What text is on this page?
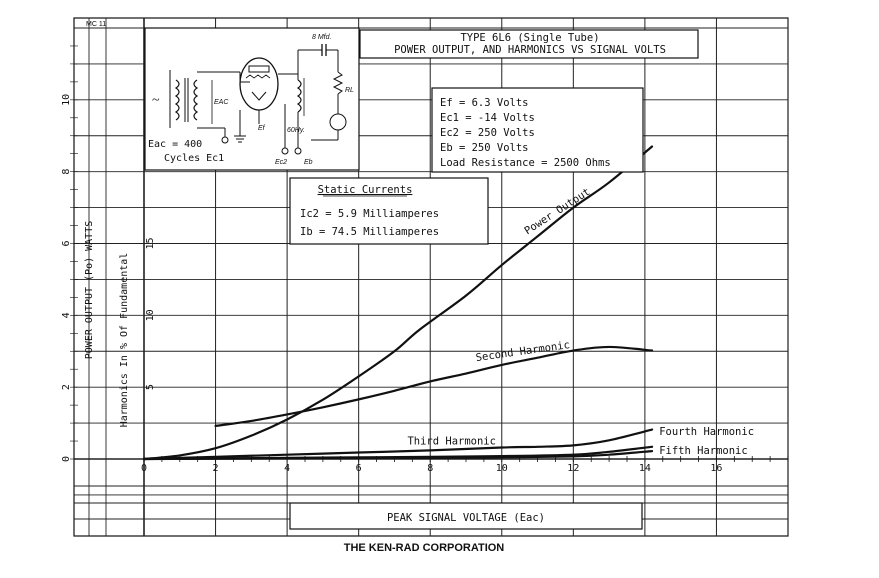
0	2	4	6	8	10	12	14	16
0
2
4
6
8
10
5
10
15
Power Output
Second Harmonic
Third Harmonic
Fourth Harmonic
Fifth Harmonic
MC 11
TYPE 6L6 (Single Tube)
POWER OUTPUT, AND HARMONICS VS SIGNAL VOLTS
~	EAC
Ef	60Hy.
8 Mfd.
RL
Eac = 400
Cycles Ec1	Ec2 Eb
Ef = 6.3 Volts
Ec1 = -14 Volts
Ec2 = 250 Volts
Eb = 250 Volts
Load Resistance = 2500 Ohms
Static Currents
Ic2 = 5.9 Milliamperes
Ib = 74.5 Milliamperes
PEAK SIGNAL VOLTAGE (Eac)
POWER OUTPUT (Po) WATTS Harmonics In % Of Fundamental
THE KEN-RAD CORPORATION
